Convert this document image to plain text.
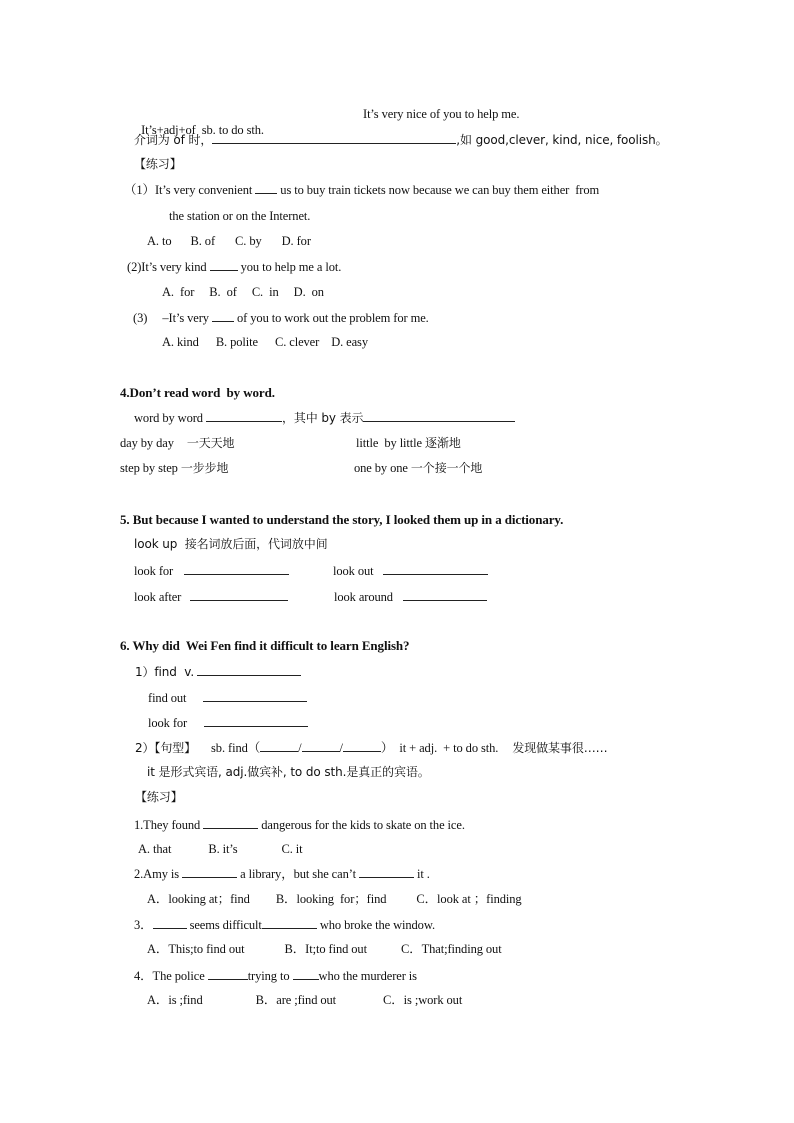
It’s+adj+of  sb. to do sth.

It’s very nice of you to help me.
介词为 of 时，	,如 good,clever, kind, nice, foolish。
【练习】
（1）It’s very convenient us to buy train tickets now because we can buy them either  from
the station or on the Internet.
A. to B. of C. by D. for
(2)It’s very kind	you to help me a lot.
A.  for B.  of C.  in D.  on
(3)     –It’s very of you to work out the problem for me.
A. kind B. polite C. clever D. easy
4.Don’t read word  by word.
word by word	，其中 by 表示
day by day 一天天地	little  by little 逐渐地
step by step 一步步地	one by one 一个接一个地
5. But because I wanted to understand the story, I looked them up in a dictionary.
look up  接名词放后面，代词放中间
look for	look out
look after	look around
6. Why did  Wei Fen find it difficult to learn English?
1）find  v.
find out
look for
2）【句型】 sb. find（	/	/	）  it + adj.  + to do sth. 发现做某事很……
it 是形式宾语, adj.做宾补, to do sth.是真正的宾语。
【练习】
1.They found	dangerous for the kids to skate on the ice.
A. that	B. it’s	C. it
2.Amy is	a library，but she can’t	it .
A．looking at；find B．looking  for；find C．look at ；finding
3．	seems difficult	who broke the window.
A．This;to find out	B．It;to find out	C．That;finding out
4．The police	trying to who the murderer is
A．is ;find	B．are ;find out	C．is ;work out
